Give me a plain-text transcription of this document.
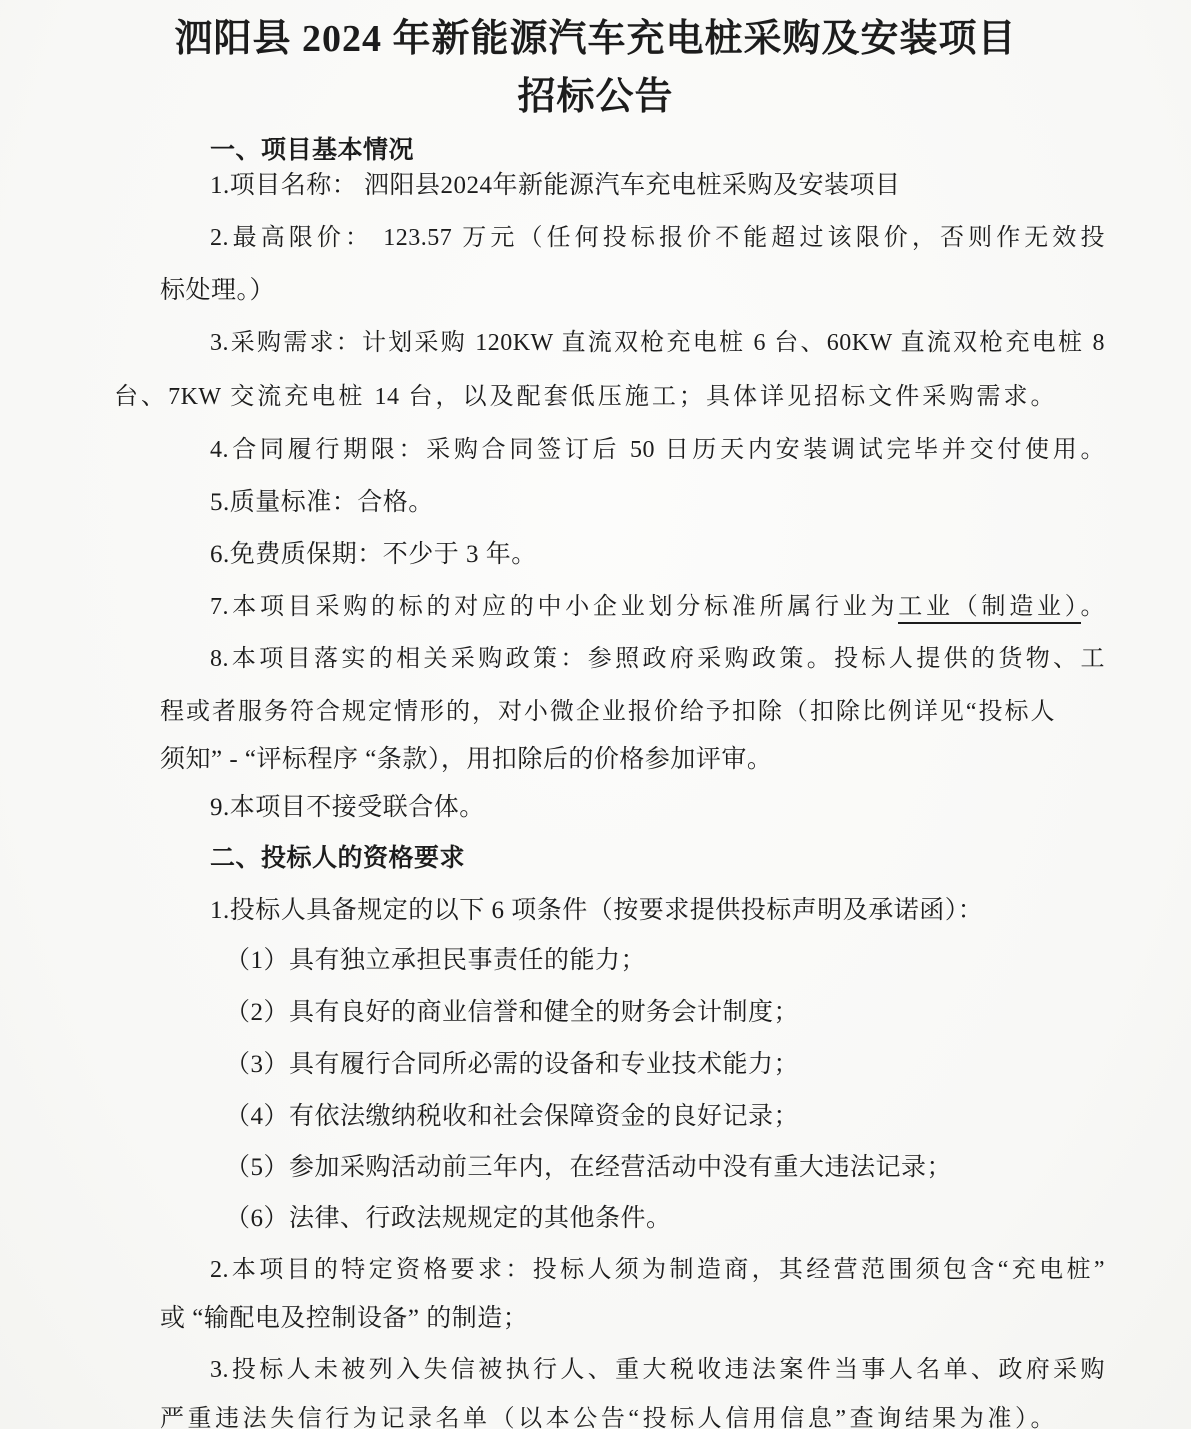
泗阳县 2024 年新能源汽车充电桩采购及安装项目
招标公告
一、项目基本情况
1.项目名称： 泗阳县2024年新能源汽车充电桩采购及安装项目
2.最高限价： 123.57 万元（任何投标报价不能超过该限价，否则作无效投
标处理。）
3.采购需求：计划采购 120KW 直流双枪充电桩 6 台、60KW 直流双枪充电桩 8
台、7KW 交流充电桩 14 台，以及配套低压施工；具体详见招标文件采购需求。
4.合同履行期限：采购合同签订后 50 日历天内安装调试完毕并交付使用。
5.质量标准：合格。
6.免费质保期：不少于 3 年。
7.本项目采购的标的对应的中小企业划分标准所属行业为工业（制造业）。
8.本项目落实的相关采购政策：参照政府采购政策。投标人提供的货物、工
程或者服务符合规定情形的，对小微企业报价给予扣除（扣除比例详见“投标人
须知” - “评标程序 “条款），用扣除后的价格参加评审。
9.本项目不接受联合体。
二、投标人的资格要求
1.投标人具备规定的以下 6 项条件（按要求提供投标声明及承诺函）：
（1）具有独立承担民事责任的能力；
（2）具有良好的商业信誉和健全的财务会计制度；
（3）具有履行合同所必需的设备和专业技术能力；
（4）有依法缴纳税收和社会保障资金的良好记录；
（5）参加采购活动前三年内，在经营活动中没有重大违法记录；
（6）法律、行政法规规定的其他条件。
2.本项目的特定资格要求：投标人须为制造商，其经营范围须包含“充电桩”
或 “输配电及控制设备” 的制造；
3.投标人未被列入失信被执行人、重大税收违法案件当事人名单、政府采购
严重违法失信行为记录名单（以本公告“投标人信用信息”查询结果为准）。
